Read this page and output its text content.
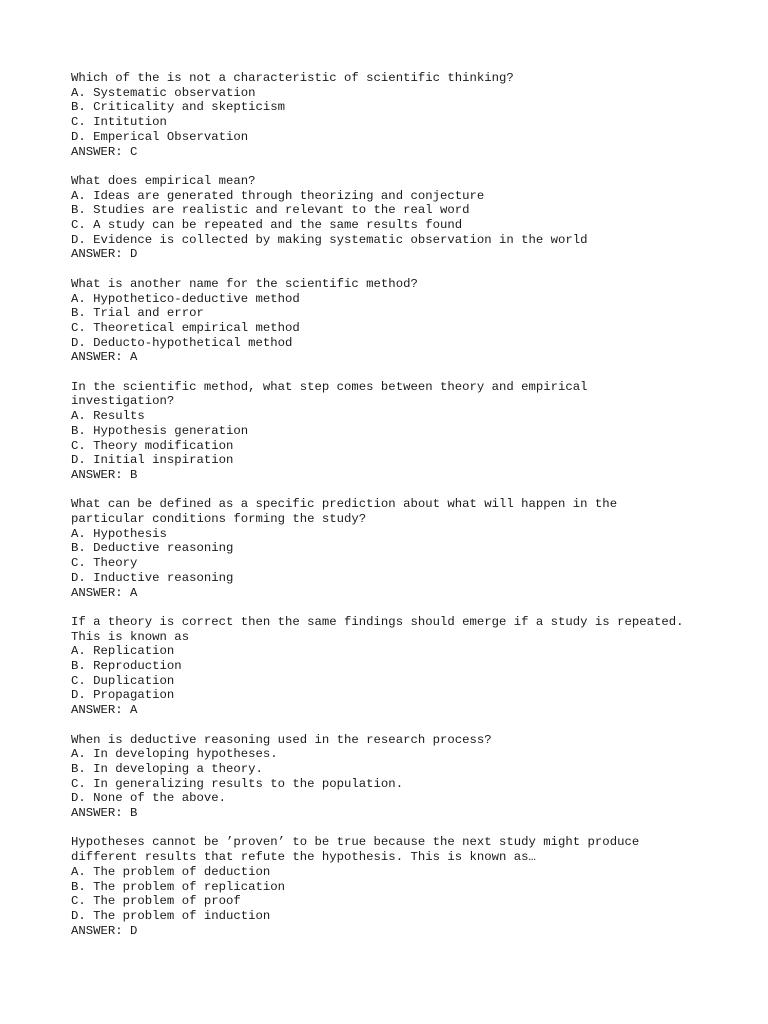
Which of the is not a characteristic of scientific thinking?
A. Systematic observation
B. Criticality and skepticism
C. Intitution
D. Emperical Observation
ANSWER: C
What does empirical mean?
A. Ideas are generated through theorizing and conjecture
B. Studies are realistic and relevant to the real word
C. A study can be repeated and the same results found
D. Evidence is collected by making systematic observation in the world
ANSWER: D
What is another name for the scientific method?
A. Hypothetico-deductive method
B. Trial and error
C. Theoretical empirical method
D. Deducto-hypothetical method
ANSWER: A
In the scientific method, what step comes between theory and empirical
investigation?
A. Results
B. Hypothesis generation
C. Theory modification
D. Initial inspiration
ANSWER: B
What can be defined as a specific prediction about what will happen in the
particular conditions forming the study?
A. Hypothesis
B. Deductive reasoning
C. Theory
D. Inductive reasoning
ANSWER: A
If a theory is correct then the same findings should emerge if a study is repeated.
This is known as
A. Replication
B. Reproduction
C. Duplication
D. Propagation
ANSWER: A
When is deductive reasoning used in the research process?
A. In developing hypotheses.
B. In developing a theory.
C. In generalizing results to the population.
D. None of the above.
ANSWER: B
Hypotheses cannot be ’proven’ to be true because the next study might produce
different results that refute the hypothesis. This is known as…
A. The problem of deduction
B. The problem of replication
C. The problem of proof
D. The problem of induction
ANSWER: D
